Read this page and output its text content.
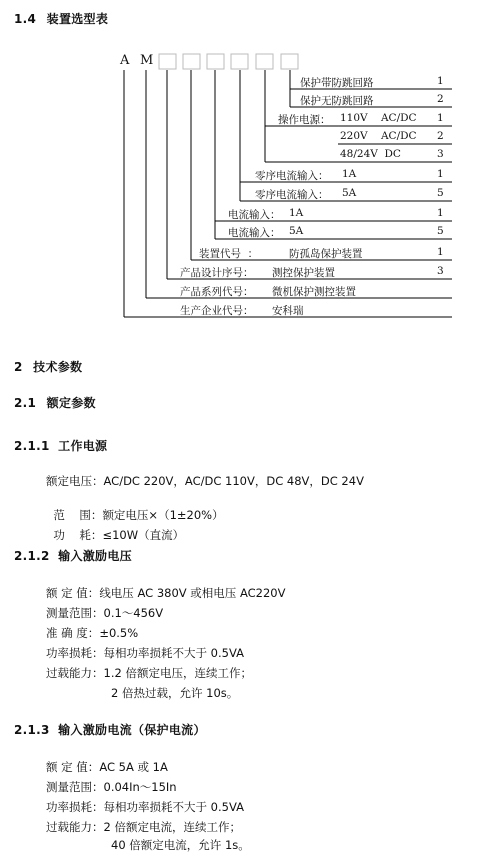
1.4 装置选型表
A M
保护带防跳回路	1
保护无防跳回路	2
操作电源： 110V    AC/DC 1
220V    AC/DC 2
48/24V  DC	3
零序电流输入： 1A	1
零序电流输入： 5A	5
电流输入： 1A	1
电流输入： 5A	5
装置代号  ：	防孤岛保护装置	1
产品设计序号： 测控保护装置	3
产品系列代号： 微机保护测控装置
生产企业代号： 安科瑞
2 技术参数
2.1 额定参数
2.1.1 工作电源
额定电压：AC/DC 220V，AC/DC 110V，DC 48V，DC 24V

范    围：额定电压×（1±20%）

功    耗：≤10W（直流）

2.1.2 输入激励电压
额 定 值：线电压 AC 380V 或相电压 AC220V
测量范围：0.1～456V
准 确 度：±0.5%
功率损耗：每相功率损耗不大于 0.5VA
过载能力：1.2 倍额定电压，连续工作；
2 倍热过载，允许 10s。
2.1.3 输入激励电流（保护电流）
额 定 值：AC 5A 或 1A
测量范围：0.04In～15In
功率损耗：每相功率损耗不大于 0.5VA
过载能力：2 倍额定电流，连续工作；
40 倍额定电流，允许 1s。
